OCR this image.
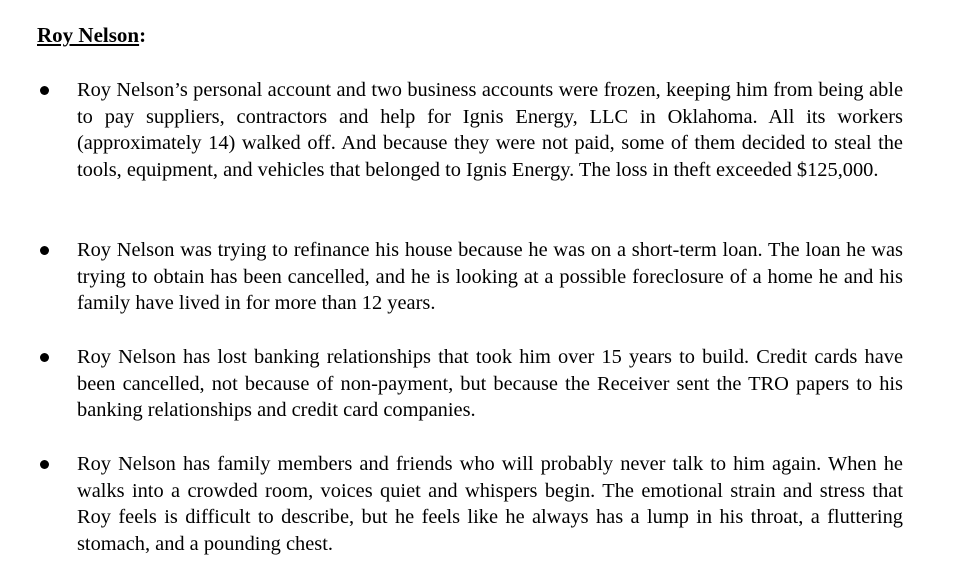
Roy Nelson:

Roy Nelson’s personal account and two business accounts were frozen, keeping him from being able to pay suppliers, contractors and help for Ignis Energy, LLC in Oklahoma. All its workers (approximately 14) walked off. And because they were not paid, some of them decided to steal the tools, equipment, and vehicles that belonged to Ignis Energy. The loss in theft exceeded $125,000.

Roy Nelson was trying to refinance his house because he was on a short-term loan. The loan he was trying to obtain has been cancelled, and he is looking at a possible foreclosure of a home he and his family have lived in for more than 12 years.

Roy Nelson has lost banking relationships that took him over 15 years to build. Credit cards have been cancelled, not because of non-payment, but because the Receiver sent the TRO papers to his banking relationships and credit card companies.

Roy Nelson has family members and friends who will probably never talk to him again. When he walks into a crowded room, voices quiet and whispers begin. The emotional strain and stress that Roy feels is difficult to describe, but he feels like he always has a lump in his throat, a fluttering stomach, and a pounding chest.
